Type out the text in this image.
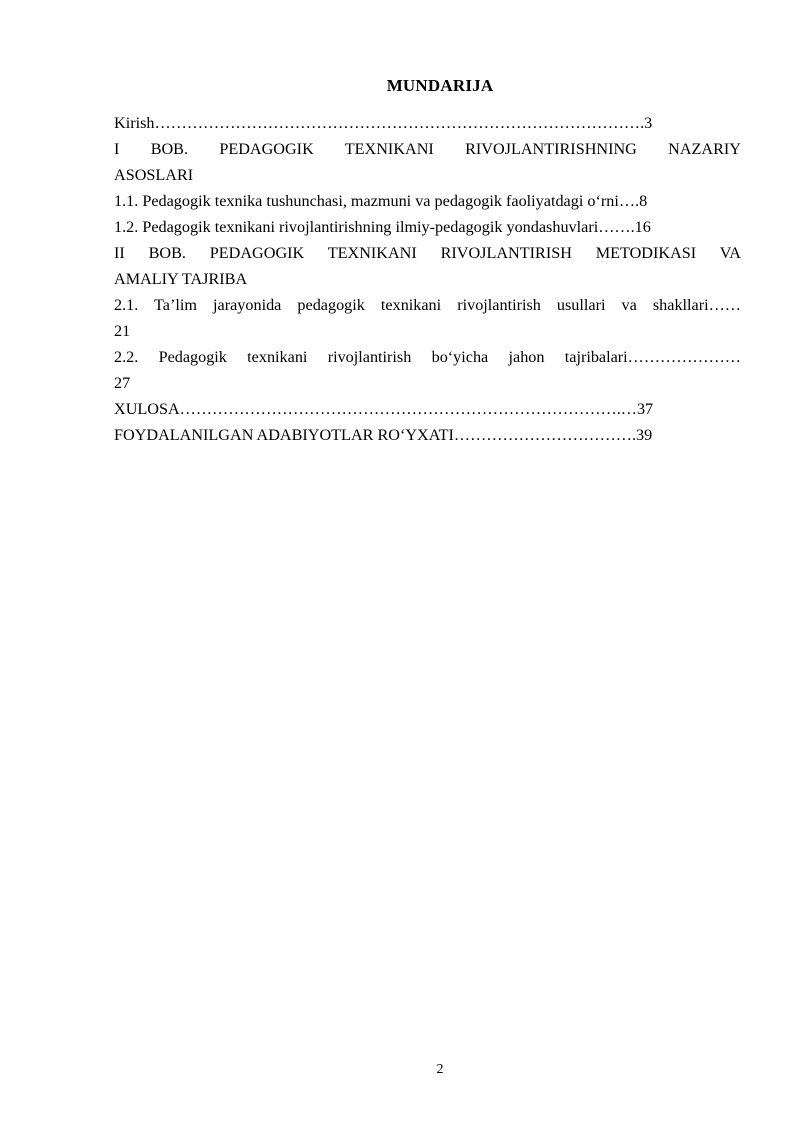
MUNDARIJA
Kirish……………………………………………………………………………….3
I BOB. PEDAGOGIK TEXNIKANI RIVOJLANTIRISHNING NAZARIY
ASOSLARI
1.1. Pedagogik texnika tushunchasi, mazmuni va pedagogik faoliyatdagi o‘rni….8
1.2. Pedagogik texnikani rivojlantirishning ilmiy-pedagogik yondashuvlari…….16
II BOB. PEDAGOGIK TEXNIKANI RIVOJLANTIRISH METODIKASI VA
AMALIY TAJRIBA
2.1. Ta’lim jarayonida pedagogik texnikani rivojlantirish usullari va shakllari……
21
2.2. Pedagogik texnikani rivojlantirish bo‘yicha jahon tajribalari…………………
27
XULOSA……………………………………………………………………….…37
FOYDALANILGAN ADABIYOTLAR RO‘YXATI…………………………….39
2
